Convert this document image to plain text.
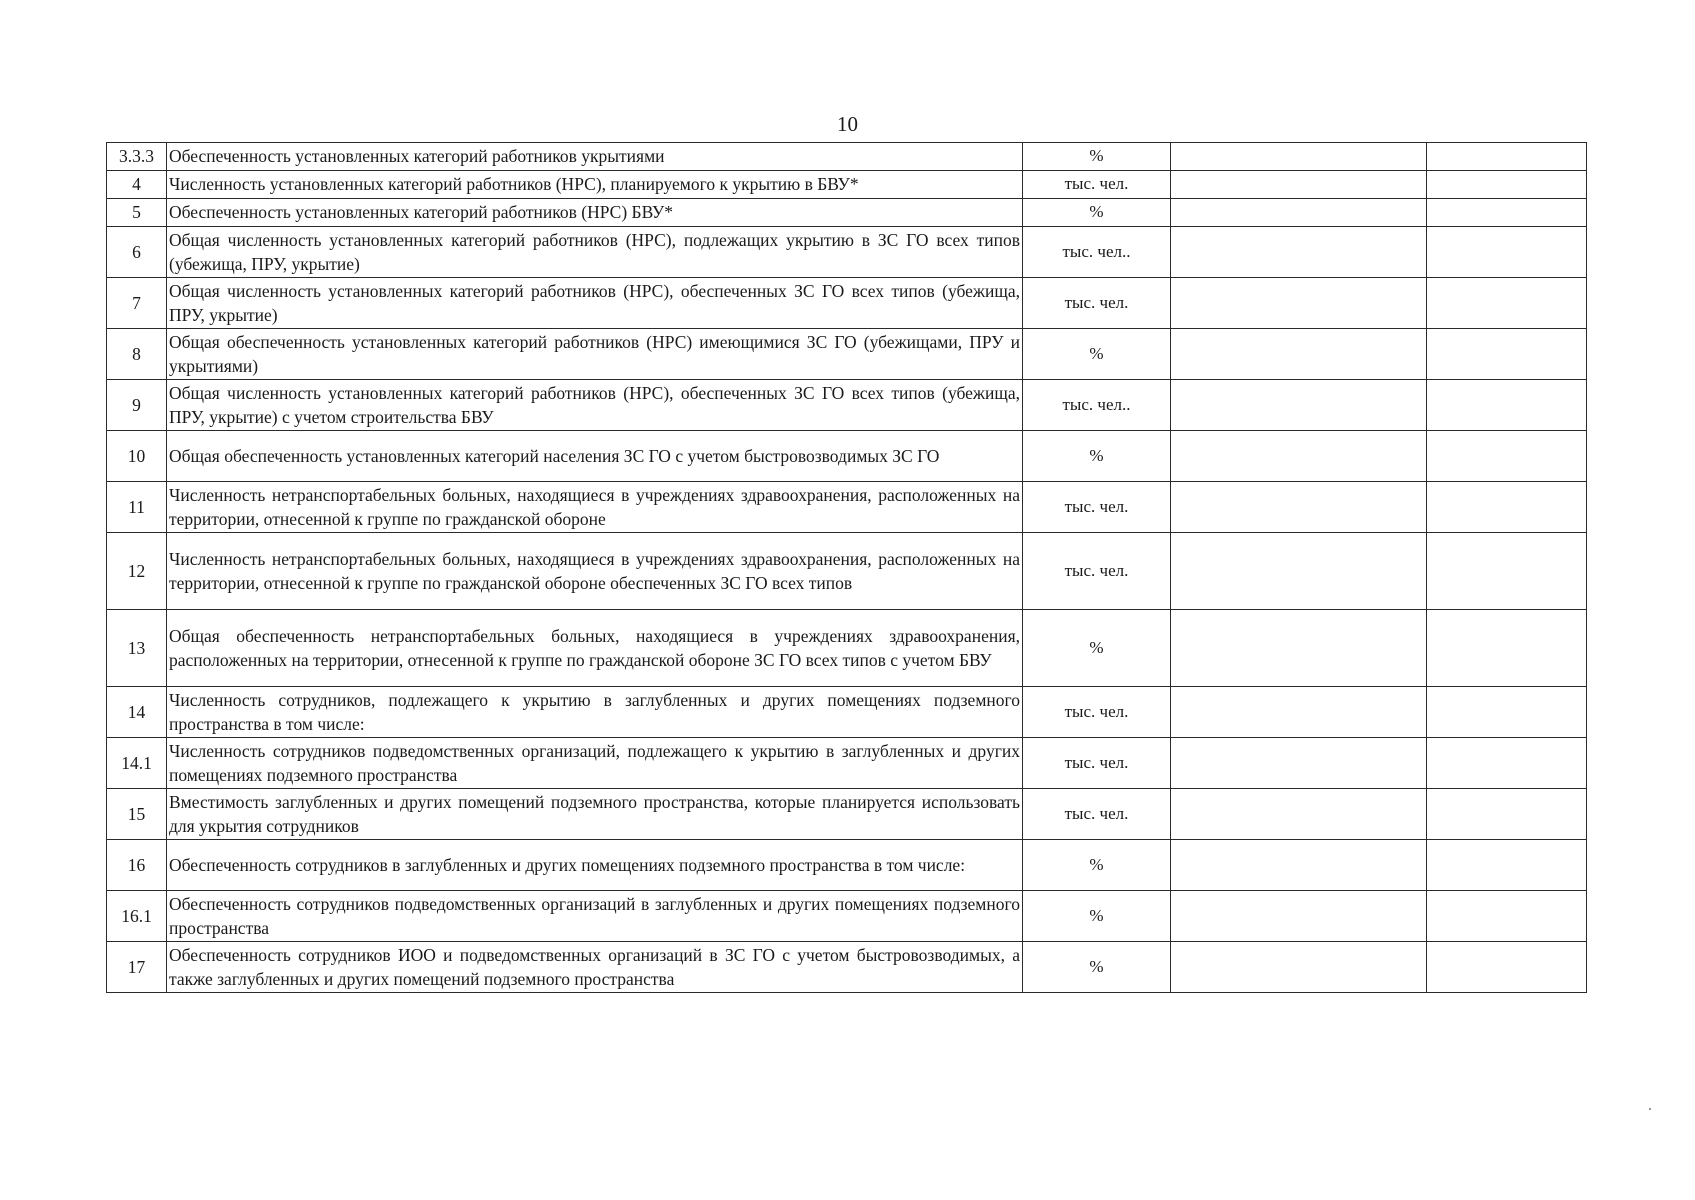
10
3.3.3	Обеспеченность установленных категорий работников укрытиями	%		
4	Численность установленных категорий работников (НРС), планируемого к укрытию в БВУ*	тыс. чел.		
5	Обеспеченность установленных категорий работников (НРС) БВУ*	%		
6	Общая численность установленных категорий работников (НРС), подлежащих укрытию в ЗС ГО всех типов (убежища, ПРУ, укрытие)	тыс. чел..		
7	Общая численность установленных категорий работников (НРС), обеспеченных ЗС ГО всех типов (убежища, ПРУ, укрытие)	тыс. чел.		
8	Общая обеспеченность установленных категорий работников (НРС) имеющимися ЗС ГО (убежищами, ПРУ и укрытиями)	%		
9	Общая численность установленных категорий работников (НРС), обеспеченных ЗС ГО всех типов (убежища, ПРУ, укрытие) с учетом строительства БВУ	тыс. чел..		
10	Общая обеспеченность установленных категорий населения ЗС ГО с учетом быстровозводимых ЗС ГО	%		
11	Численность нетранспортабельных больных, находящиеся в учреждениях здравоохранения, расположенных на территории, отнесенной к группе по гражданской обороне	тыс. чел.		
12	Численность нетранспортабельных больных, находящиеся в учреждениях здравоохранения, расположенных на территории, отнесенной к группе по гражданской обороне обеспеченных ЗС ГО всех типов	тыс. чел.		
13	Общая обеспеченность нетранспортабельных больных, находящиеся в учреждениях здравоохранения, расположенных на территории, отнесенной к группе по гражданской обороне ЗС ГО всех типов с учетом БВУ	%		
14	Численность сотрудников, подлежащего к укрытию в заглубленных и других помещениях подземного пространства в том числе:	тыс. чел.		
14.1	Численность сотрудников подведомственных организаций, подлежащего к укрытию в заглубленных и других помещениях подземного пространства	тыс. чел.		
15	Вместимость заглубленных и других помещений подземного пространства, которые планируется использовать для укрытия сотрудников	тыс. чел.		
16	Обеспеченность сотрудников в заглубленных и других помещениях подземного пространства в том числе:	%		
16.1	Обеспеченность сотрудников подведомственных организаций в заглубленных и других помещениях подземного пространства	%		
17	Обеспеченность сотрудников ИОО и подведомственных организаций в ЗС ГО с учетом быстровозводимых, а также заглубленных и других помещений подземного пространства	%		
